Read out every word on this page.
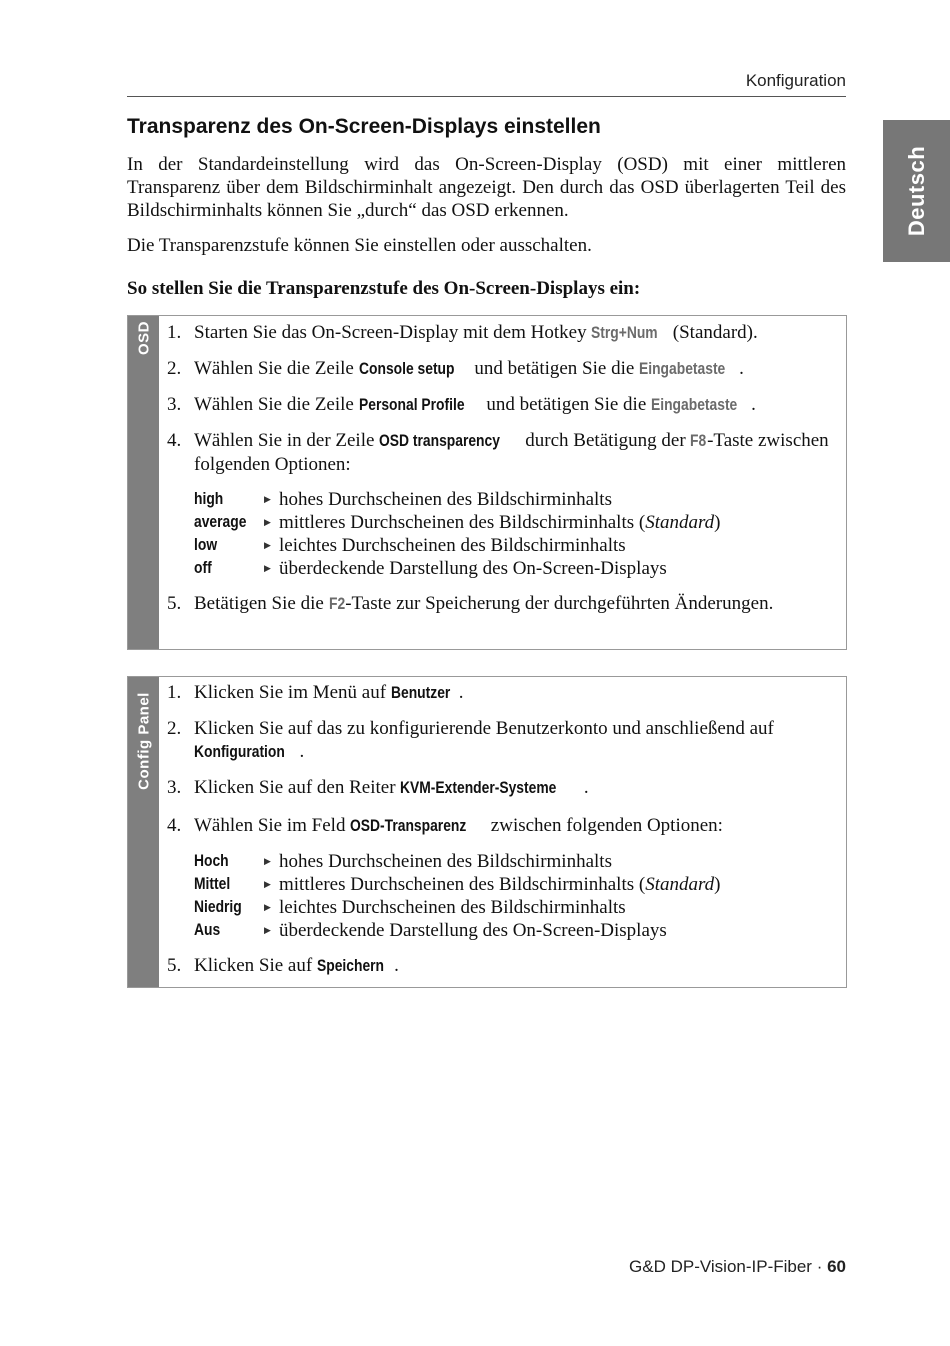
Konfiguration
Deutsch
Transparenz des On-Screen-Displays einstellen

In der Standardeinstellung wird das On-Screen-Display (OSD) mit einer mittleren Transparenz über dem Bildschirminhalt angezeigt. Den durch das OSD überlagerten Teil des Bildschirminhalts können Sie „durch“ das OSD erkennen.

Die Transparenzstufe können Sie einstellen oder ausschalten.

So stellen Sie die Transparenzstufe des On-Screen-Displays ein:

OSD 1. Starten Sie das On-Screen-Display mit dem Hotkey Strg+Num (Standard).
2. Wählen Sie die Zeile Console setup und betätigen Sie die Eingabetaste .
3. Wählen Sie die Zeile Personal Profile und betätigen Sie die Eingabetaste .
4. Wählen Sie in der Zeile OSD transparency durch Betätigung der F8-Taste zwischen folgenden Optionen:
high	▶ hohes Durchscheinen des Bildschirminhalts
average ▶ mittleres Durchscheinen des Bildschirminhalts (Standard)
low	▶ leichtes Durchscheinen des Bildschirminhalts
off	▶ überdeckende Darstellung des On-Screen-Displays
5. Betätigen Sie die F2-Taste zur Speicherung der durchgeführten Änderungen.
Config Panel 1. Klicken Sie im Menü auf Benutzer .
2. Klicken Sie auf das zu konfigurierende Benutzerkonto und anschließend auf Konfiguration .
3. Klicken Sie auf den Reiter KVM-Extender-Systeme .
4. Wählen Sie im Feld OSD-Transparenz zwischen folgenden Optionen:
Hoch	▶ hohes Durchscheinen des Bildschirminhalts
Mittel	▶ mittleres Durchscheinen des Bildschirminhalts (Standard)
Niedrig ▶ leichtes Durchscheinen des Bildschirminhalts
Aus	▶ überdeckende Darstellung des On-Screen-Displays
5. Klicken Sie auf Speichern .
G&D DP-Vision-IP-Fiber · 60
